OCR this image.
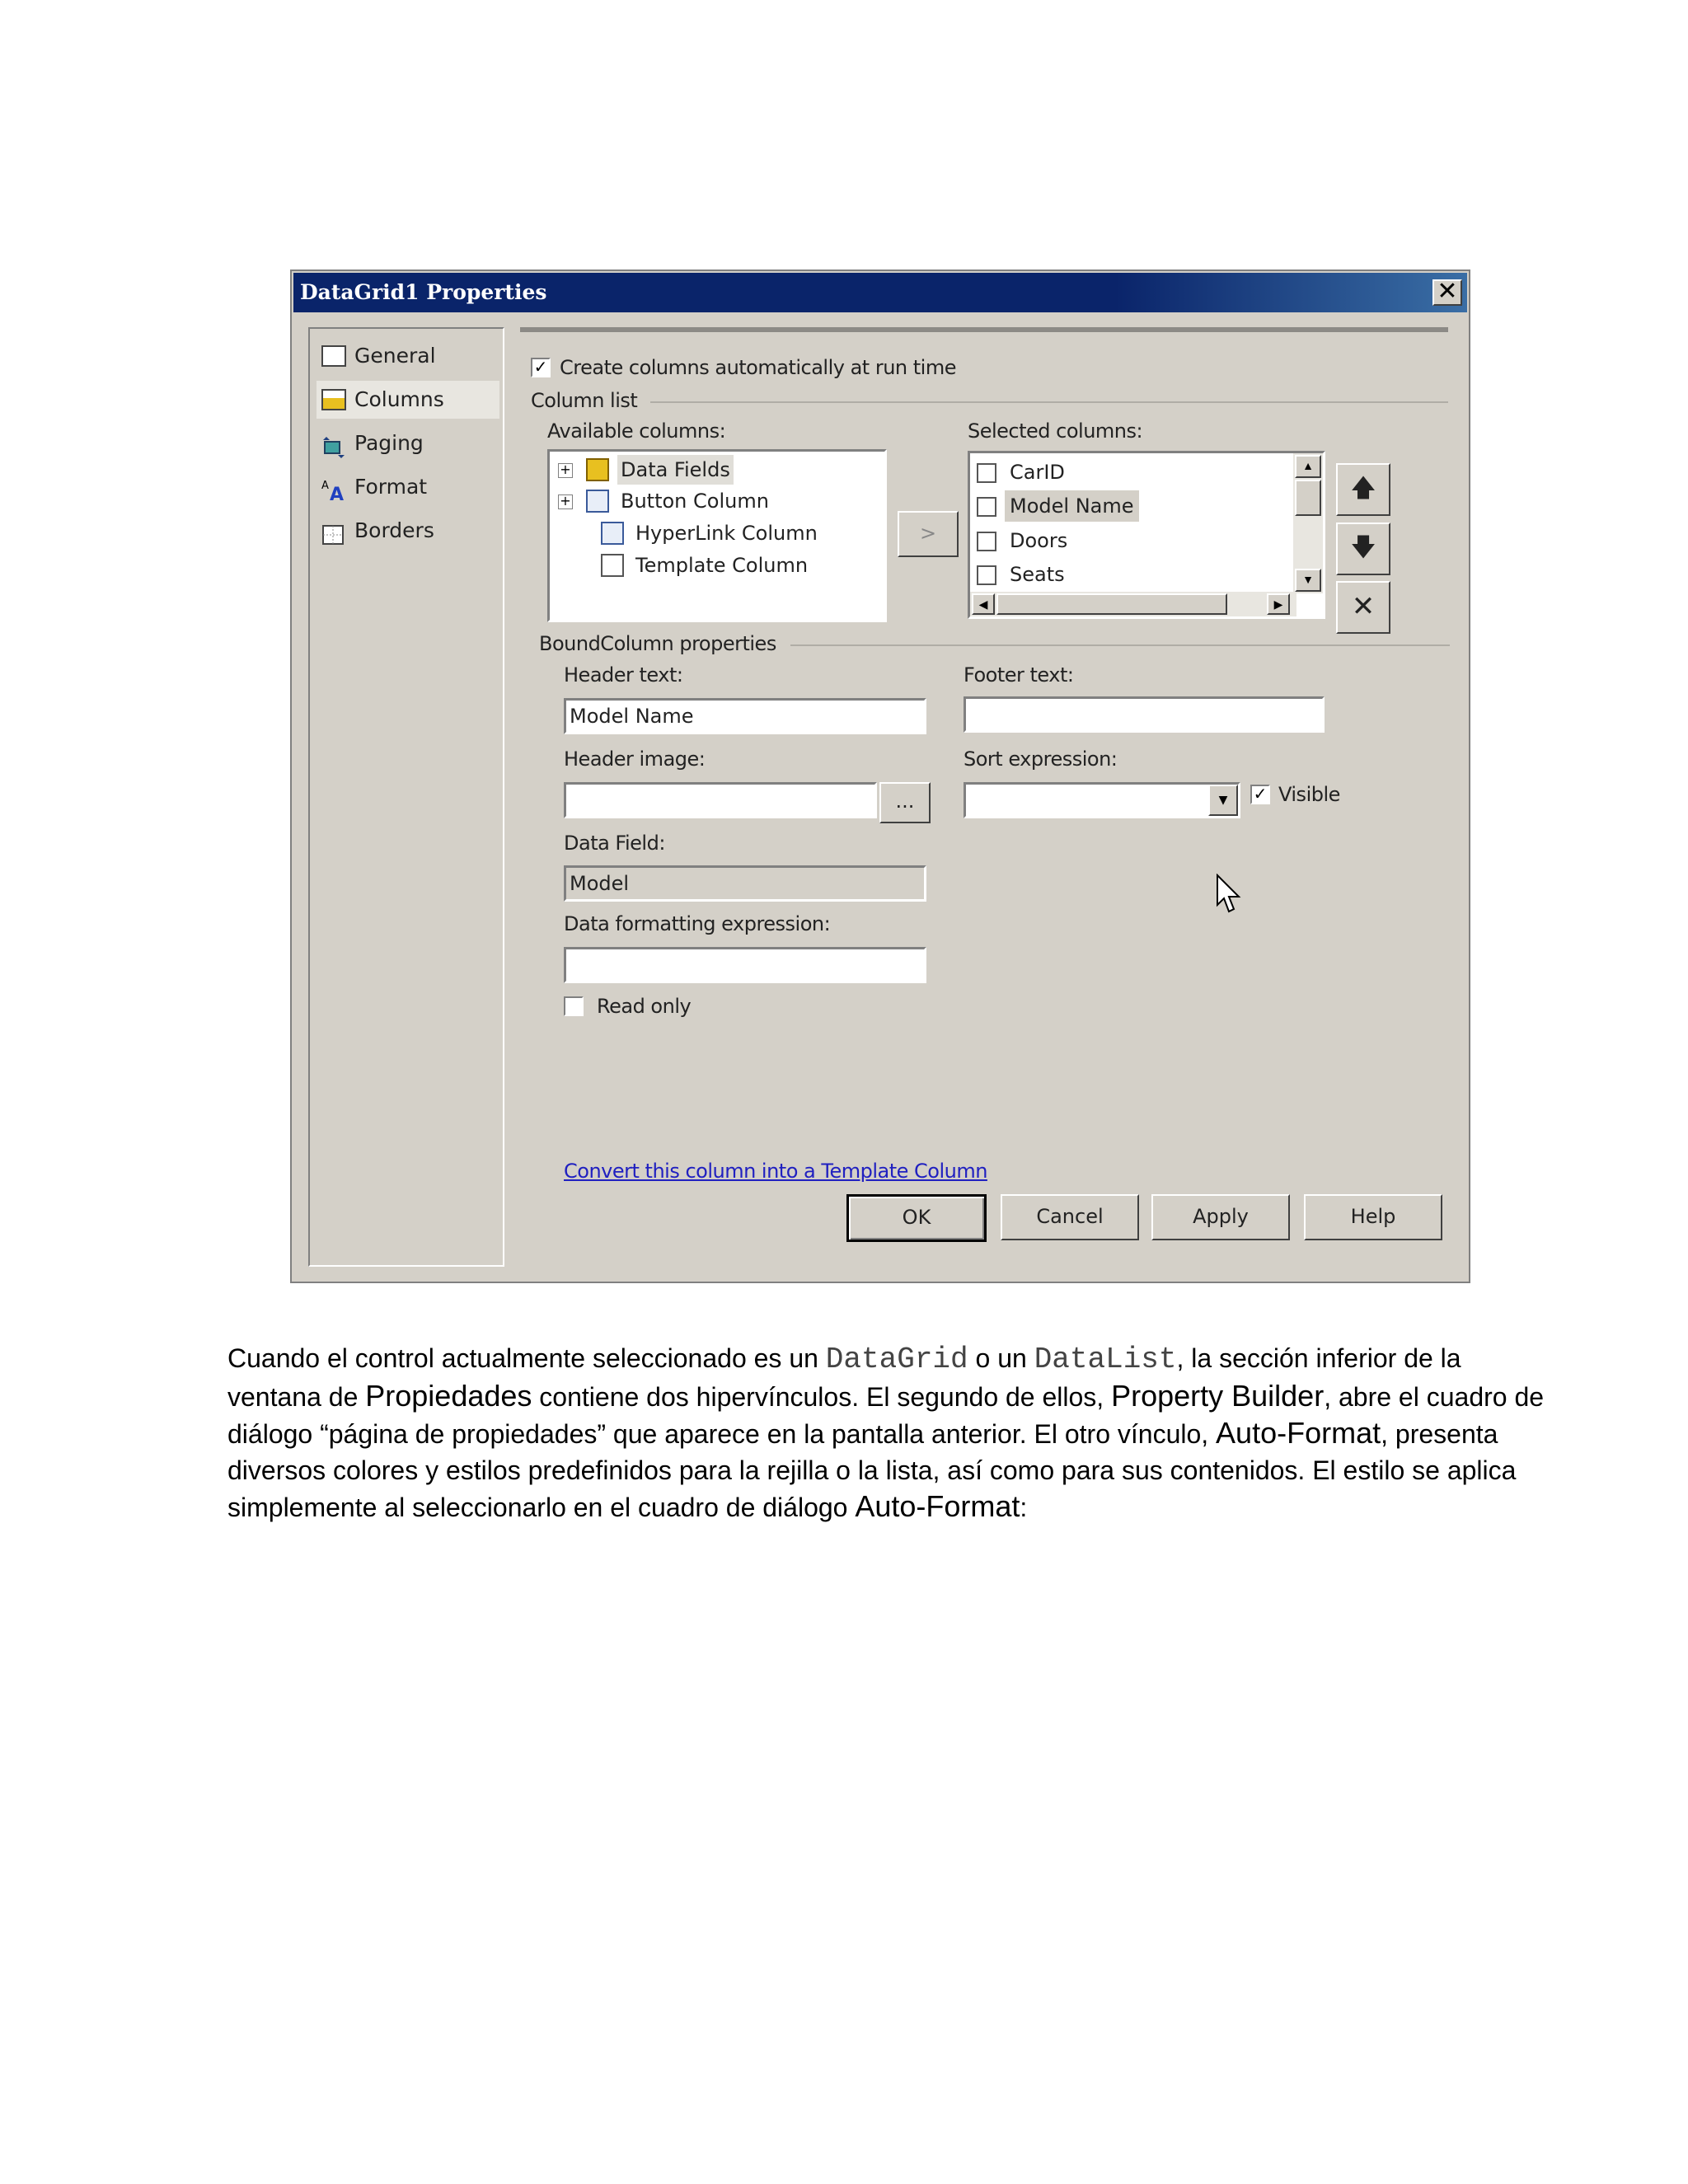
DataGrid1 Properties	✕
General
Columns
Paging
A A Format
Borders
✓ Create columns automatically at run time
Column list
Available columns:
+	Data Fields
+	Button Column
HyperLink Column
Template Column
>
Selected columns:
CarID
Model Name
Doors
Seats
▲
▼
◀	▶
🡅
🡇
✕
BoundColumn properties
Header text:
Model Name
Footer text:
Header image:
...
Sort expression:
▼	✓ Visible
Data Field:
Model
Data formatting expression:
Read only
Convert this column into a Template Column
OK	Cancel	Apply	Help

Cuando el control actualmente seleccionado es un DataGrid o un DataList, la sección inferior de la ventana de Propiedades contiene dos hipervínculos. El segundo de ellos, Property Builder, abre el cuadro de diálogo “página de propiedades” que aparece en la pantalla anterior. El otro vínculo, Auto-Format, presenta diversos colores y estilos predefinidos para la rejilla o la lista, así como para sus contenidos. El estilo se aplica simplemente al seleccionarlo en el cuadro de diálogo Auto-Format:
